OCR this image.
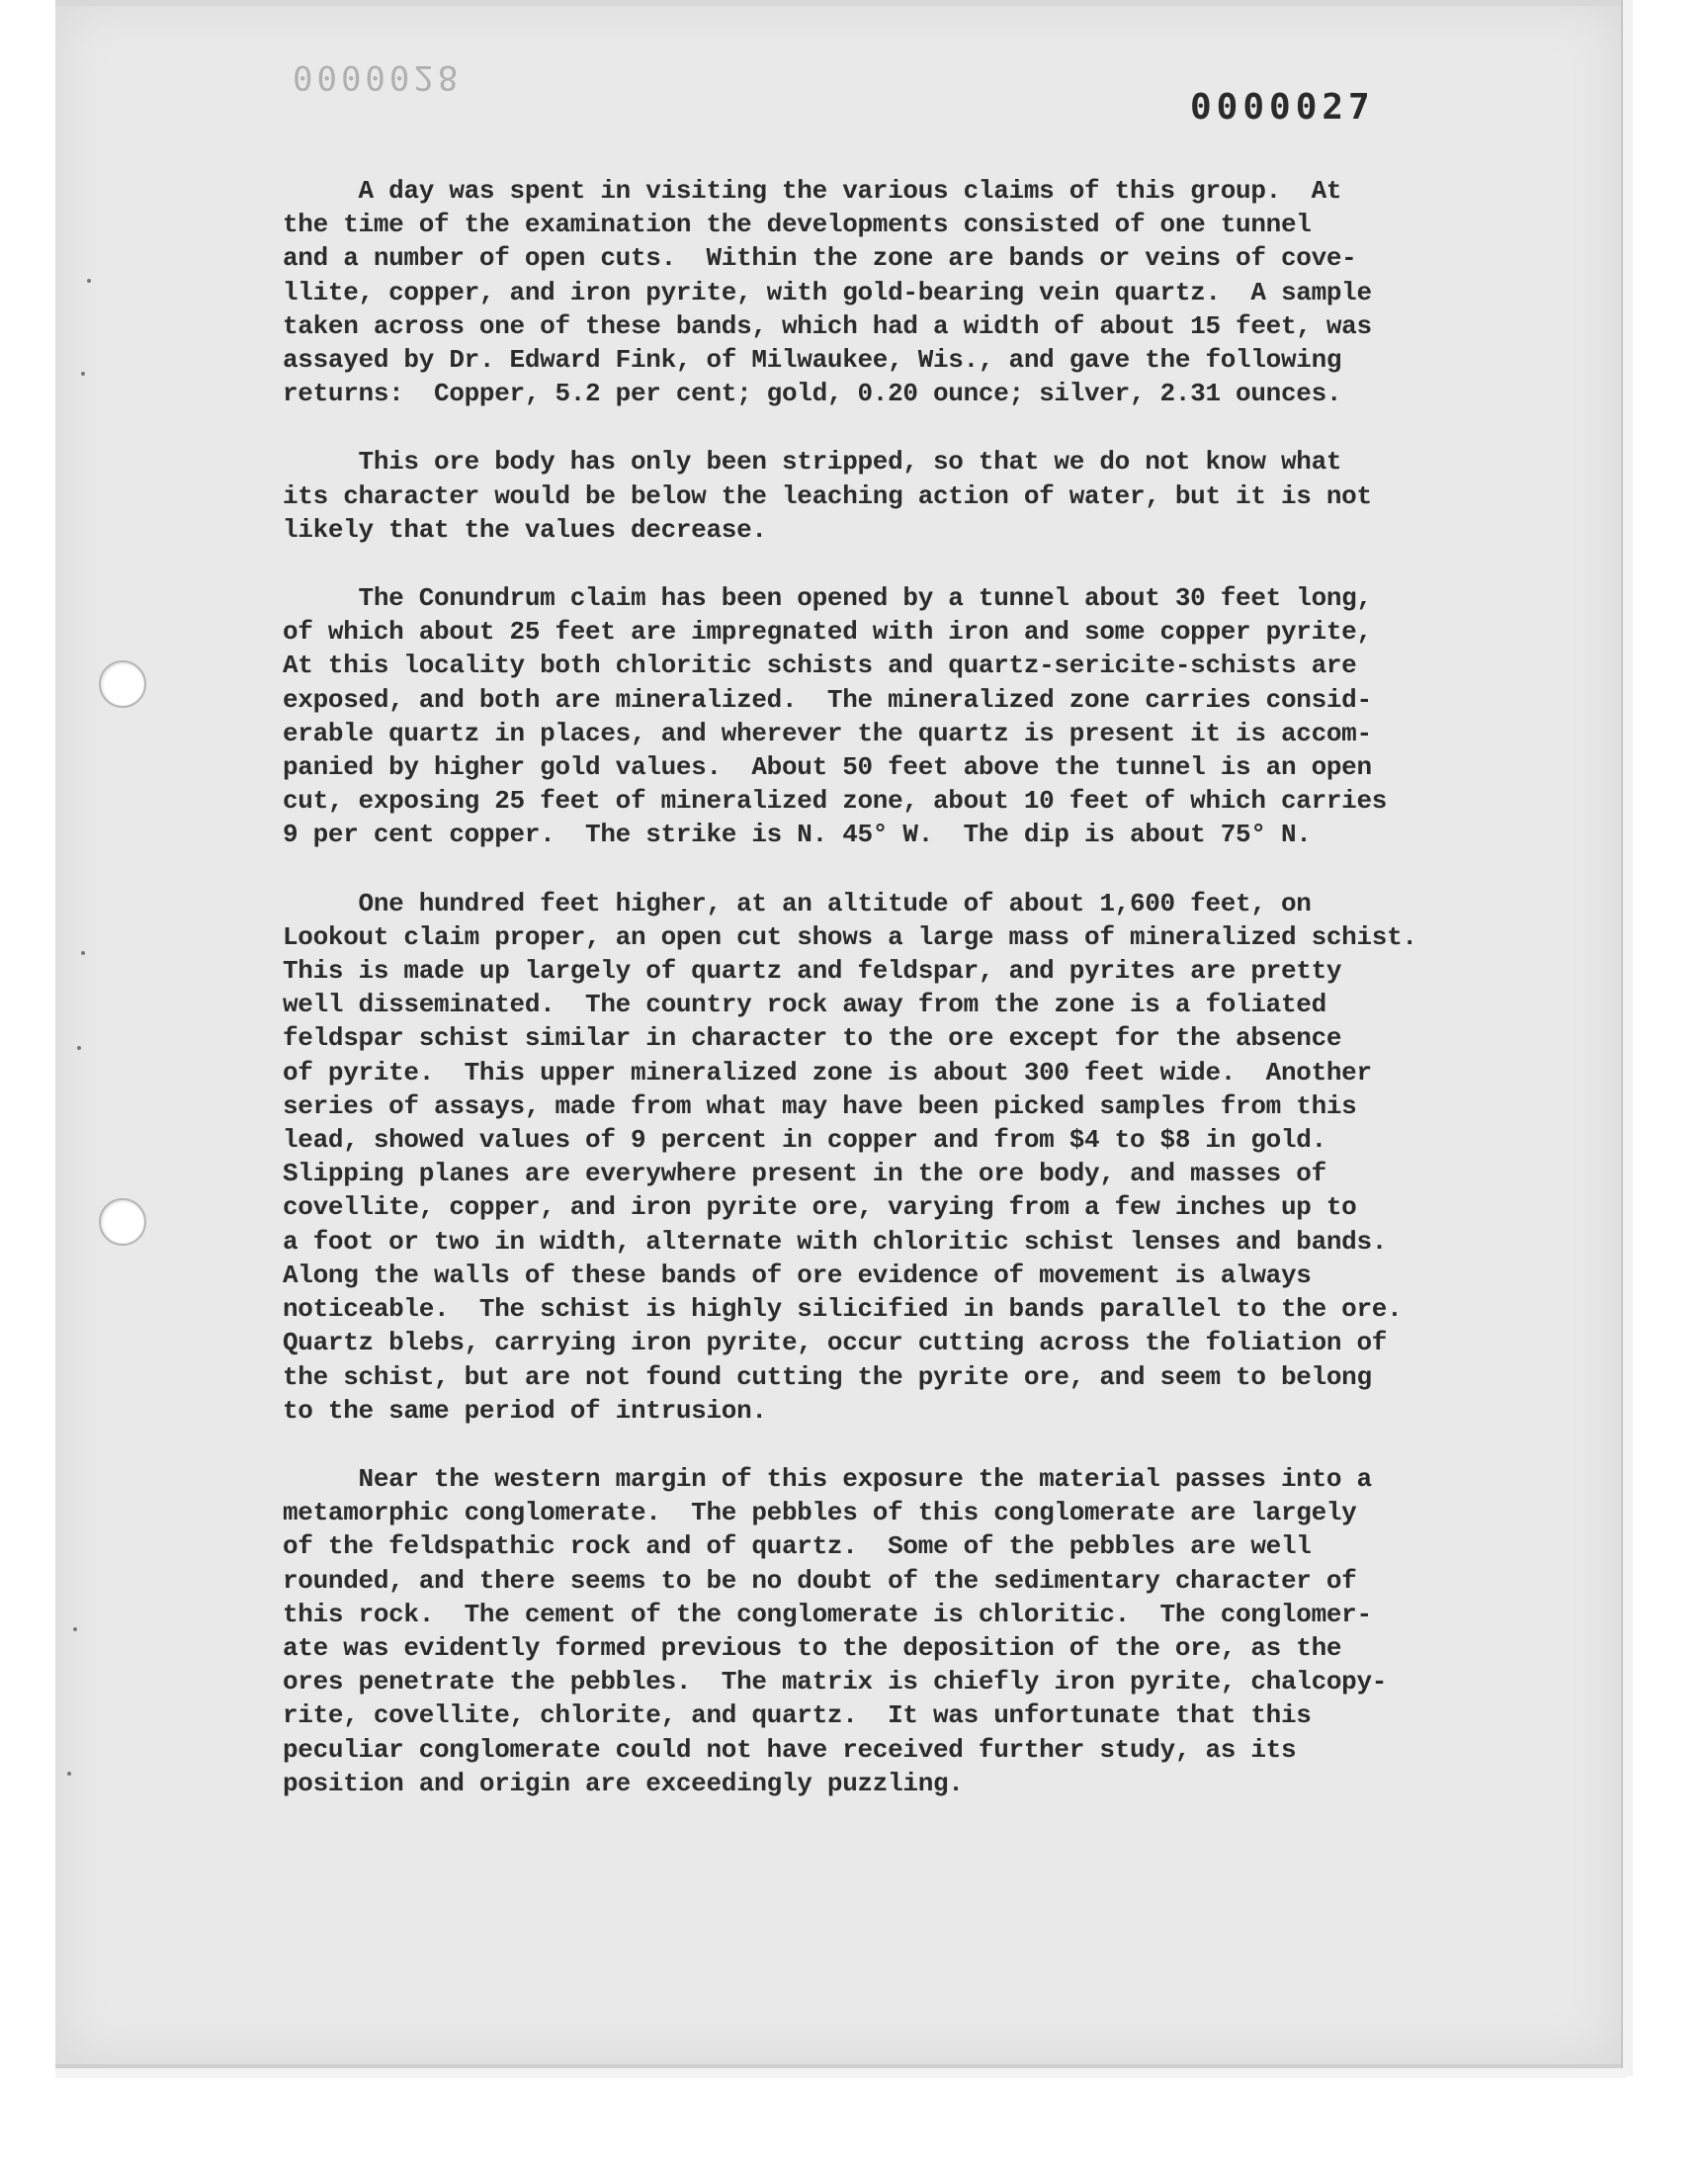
0000028
0000027
A day was spent in visiting the various claims of this group.  At
the time of the examination the developments consisted of one tunnel
and a number of open cuts.  Within the zone are bands or veins of cove-
llite, copper, and iron pyrite, with gold-bearing vein quartz.  A sample
taken across one of these bands, which had a width of about 15 feet, was
assayed by Dr. Edward Fink, of Milwaukee, Wis., and gave the following
returns:  Copper, 5.2 per cent; gold, 0.20 ounce; silver, 2.31 ounces.
This ore body has only been stripped, so that we do not know what
its character would be below the leaching action of water, but it is not
likely that the values decrease.
The Conundrum claim has been opened by a tunnel about 30 feet long,
of which about 25 feet are impregnated with iron and some copper pyrite,
At this locality both chloritic schists and quartz-sericite-schists are
exposed, and both are mineralized.  The mineralized zone carries consid-
erable quartz in places, and wherever the quartz is present it is accom-
panied by higher gold values.  About 50 feet above the tunnel is an open
cut, exposing 25 feet of mineralized zone, about 10 feet of which carries
9 per cent copper.  The strike is N. 45° W.  The dip is about 75° N.
One hundred feet higher, at an altitude of about 1,600 feet, on
Lookout claim proper, an open cut shows a large mass of mineralized schist.
This is made up largely of quartz and feldspar, and pyrites are pretty
well disseminated.  The country rock away from the zone is a foliated
feldspar schist similar in character to the ore except for the absence
of pyrite.  This upper mineralized zone is about 300 feet wide.  Another
series of assays, made from what may have been picked samples from this
lead, showed values of 9 percent in copper and from $4 to $8 in gold.
Slipping planes are everywhere present in the ore body, and masses of
covellite, copper, and iron pyrite ore, varying from a few inches up to
a foot or two in width, alternate with chloritic schist lenses and bands.
Along the walls of these bands of ore evidence of movement is always
noticeable.  The schist is highly silicified in bands parallel to the ore.
Quartz blebs, carrying iron pyrite, occur cutting across the foliation of
the schist, but are not found cutting the pyrite ore, and seem to belong
to the same period of intrusion.
Near the western margin of this exposure the material passes into a
metamorphic conglomerate.  The pebbles of this conglomerate are largely
of the feldspathic rock and of quartz.  Some of the pebbles are well
rounded, and there seems to be no doubt of the sedimentary character of
this rock.  The cement of the conglomerate is chloritic.  The conglomer-
ate was evidently formed previous to the deposition of the ore, as the
ores penetrate the pebbles.  The matrix is chiefly iron pyrite, chalcopy-
rite, covellite, chlorite, and quartz.  It was unfortunate that this
peculiar conglomerate could not have received further study, as its
position and origin are exceedingly puzzling.
